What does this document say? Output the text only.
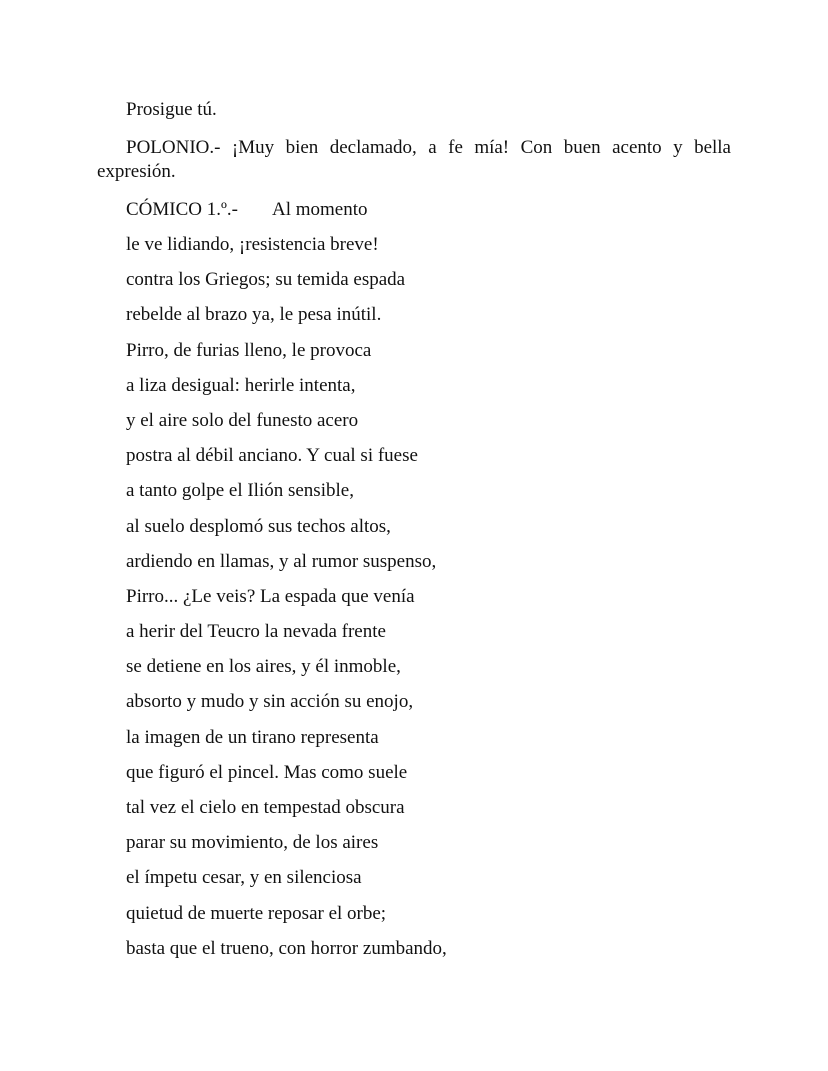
Prosigue tú.

POLONIO.- ¡Muy bien declamado, a fe mía! Con buen acento y bella expresión.

CÓMICO 1.º.- Al momento

le ve lidiando, ¡resistencia breve!
contra los Griegos; su temida espada
rebelde al brazo ya, le pesa inútil.
Pirro, de furias lleno, le provoca
a liza desigual: herirle intenta,
y el aire solo del funesto acero
postra al débil anciano. Y cual si fuese
a tanto golpe el Ilión sensible,
al suelo desplomó sus techos altos,
ardiendo en llamas, y al rumor suspenso,
Pirro... ¿Le veis? La espada que venía
a herir del Teucro la nevada frente
se detiene en los aires, y él inmoble,
absorto y mudo y sin acción su enojo,
la imagen de un tirano representa
que figuró el pincel. Mas como suele
tal vez el cielo en tempestad obscura
parar su movimiento, de los aires
el ímpetu cesar, y en silenciosa
quietud de muerte reposar el orbe;
basta que el trueno, con horror zumbando,
